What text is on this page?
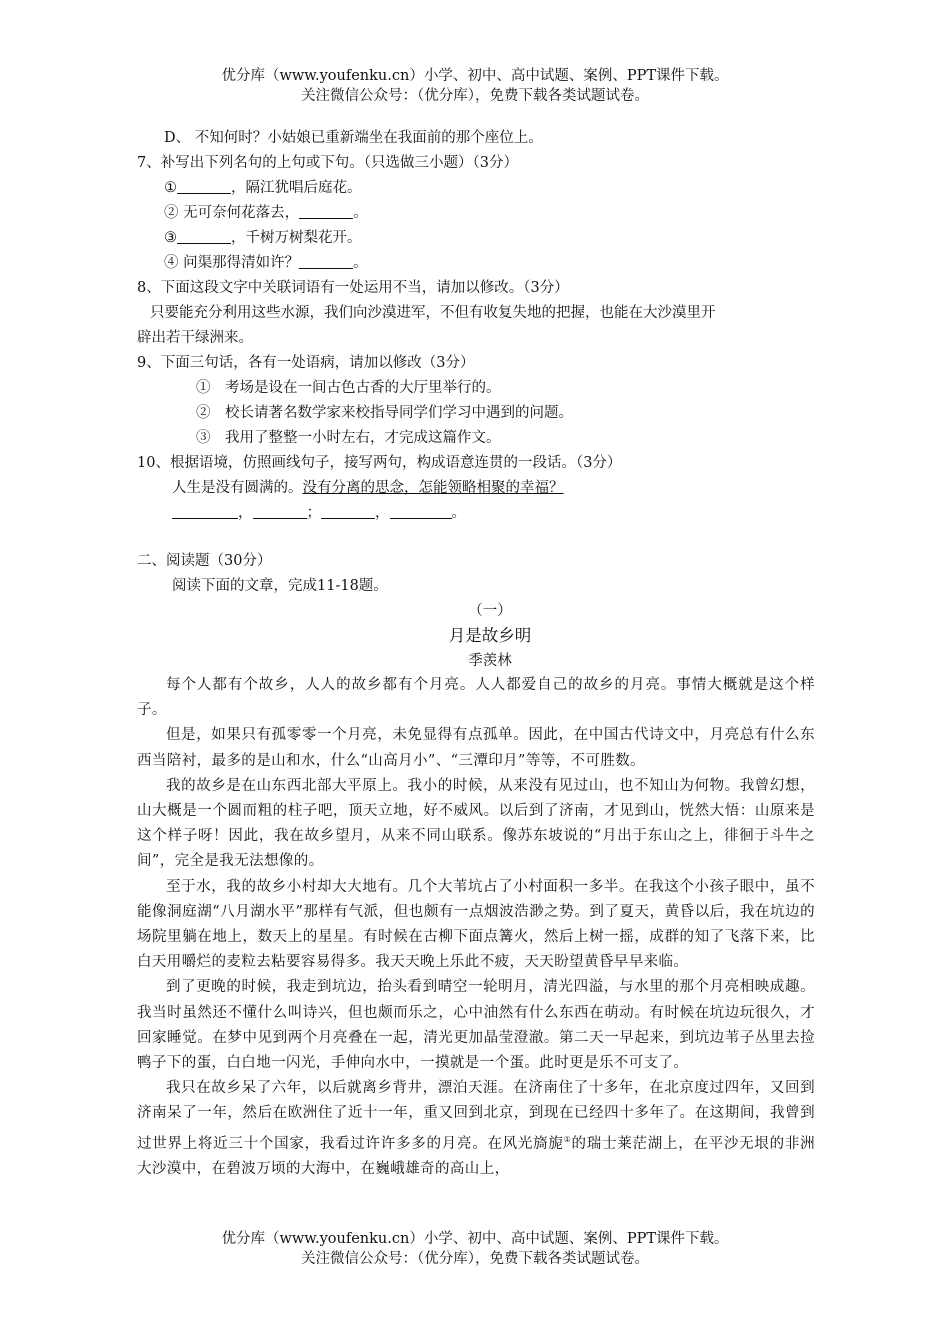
优分库（www.youfenku.cn）小学、初中、高中试题、案例、PPT课件下载。
关注微信公众号：（优分库），免费下载各类试题试卷。
D、 不知何时？小姑娘已重新端坐在我面前的那个座位上。
7、补写出下列名句的上句或下句。（只选做三小题）（3分）
①	，隔江犹唱后庭花。
② 无可奈何花落去，	。
③	，千树万树梨花开。
④ 问渠那得清如许？	。
8、下面这段文字中关联词语有一处运用不当，请加以修改。（3分）
只要能充分利用这些水源，我们向沙漠进军，不但有收复失地的把握，也能在大沙漠里开
辟出若干绿洲来。
9、下面三句话，各有一处语病，请加以修改（3分）
①　考场是设在一间古色古香的大厅里举行的。
②　校长请著名数学家来校指导同学们学习中遇到的问题。
③　我用了整整一小时左右，才完成这篇作文。
10、根据语境，仿照画线句子，接写两句，构成语意连贯的一段话。（3分）
人生是没有圆满的。没有分离的思念，怎能领略相聚的幸福？
，	；	，	。
二、阅读题（30分）
阅读下面的文章，完成11-18题。
（一）
月是故乡明
季羡林

每个人都有个故乡，人人的故乡都有个月亮。人人都爱自己的故乡的月亮。事情大概就是这个样子。

但是，如果只有孤零零一个月亮，未免显得有点孤单。因此，在中国古代诗文中，月亮总有什么东西当陪衬，最多的是山和水，什么“山高月小”、“三潭印月”等等，不可胜数。

我的故乡是在山东西北部大平原上。我小的时候，从来没有见过山，也不知山为何物。我曾幻想，山大概是一个圆而粗的柱子吧，顶天立地，好不威风。以后到了济南，才见到山，恍然大悟：山原来是这个样子呀！因此，我在故乡望月，从来不同山联系。像苏东坡说的“月出于东山之上，徘徊于斗牛之间”，完全是我无法想像的。

至于水，我的故乡小村却大大地有。几个大苇坑占了小村面积一多半。在我这个小孩子眼中，虽不能像洞庭湖“八月湖水平”那样有气派，但也颇有一点烟波浩渺之势。到了夏天，黄昏以后，我在坑边的场院里躺在地上，数天上的星星。有时候在古柳下面点篝火，然后上树一摇，成群的知了飞落下来，比白天用嚼烂的麦粒去粘要容易得多。我天天晚上乐此不疲，天天盼望黄昏早早来临。

到了更晚的时候，我走到坑边，抬头看到晴空一轮明月，清光四溢，与水里的那个月亮相映成趣。我当时虽然还不懂什么叫诗兴，但也颇而乐之，心中油然有什么东西在萌动。有时候在坑边玩很久，才回家睡觉。在梦中见到两个月亮叠在一起，清光更加晶莹澄澈。第二天一早起来，到坑边苇子丛里去捡鸭子下的蛋，白白地一闪光，手伸向水中，一摸就是一个蛋。此时更是乐不可支了。

我只在故乡呆了六年，以后就离乡背井，漂泊天涯。在济南住了十多年，在北京度过四年，又回到济南呆了一年，然后在欧洲住了近十一年，重又回到北京，到现在已经四十多年了。在这期间，我曾到过世界上将近三十个国家，我看过许许多多的月亮。在风光旖旎①的瑞士莱茫湖上，在平沙无垠的非洲大沙漠中，在碧波万顷的大海中，在巍峨雄奇的高山上，

优分库（www.youfenku.cn）小学、初中、高中试题、案例、PPT课件下载。
关注微信公众号：（优分库），免费下载各类试题试卷。
